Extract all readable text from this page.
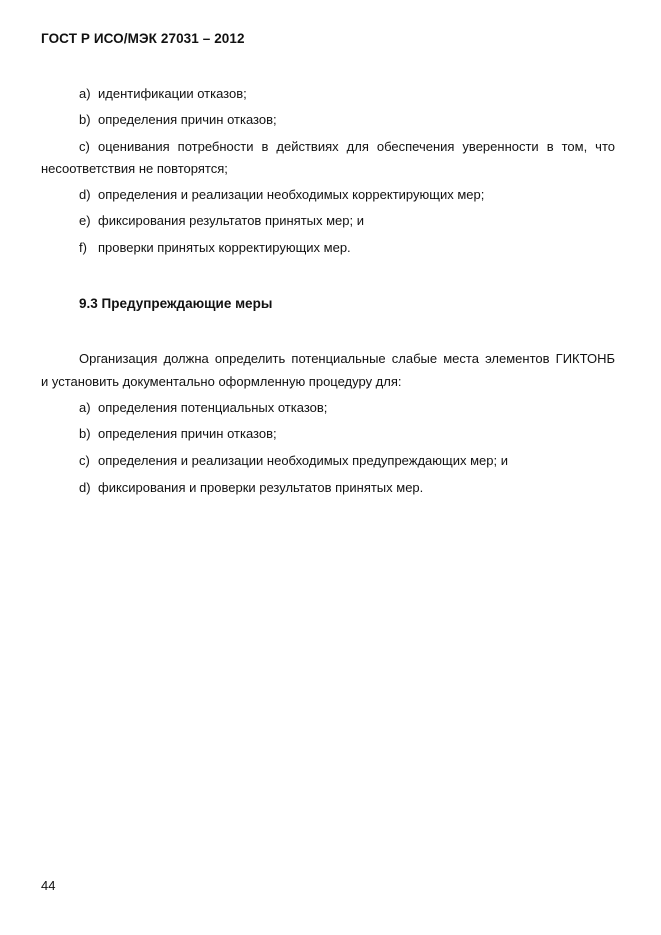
ГОСТ Р ИСО/МЭК 27031 – 2012
a) идентификации отказов;
b) определения причин отказов;
c) оценивания потребности в действиях для обеспечения уверенности в том, что
несоответствия не повторятся;
d) определения и реализации необходимых корректирующих мер;
e) фиксирования результатов принятых мер; и
f) проверки принятых корректирующих мер.
9.3 Предупреждающие меры
Организация должна определить потенциальные слабые места элементов ГИКТОНБ
и установить документально оформленную процедуру для:
a) определения потенциальных отказов;
b) определения причин отказов;
c) определения и реализации необходимых предупреждающих мер; и
d) фиксирования и проверки результатов принятых мер.
44
